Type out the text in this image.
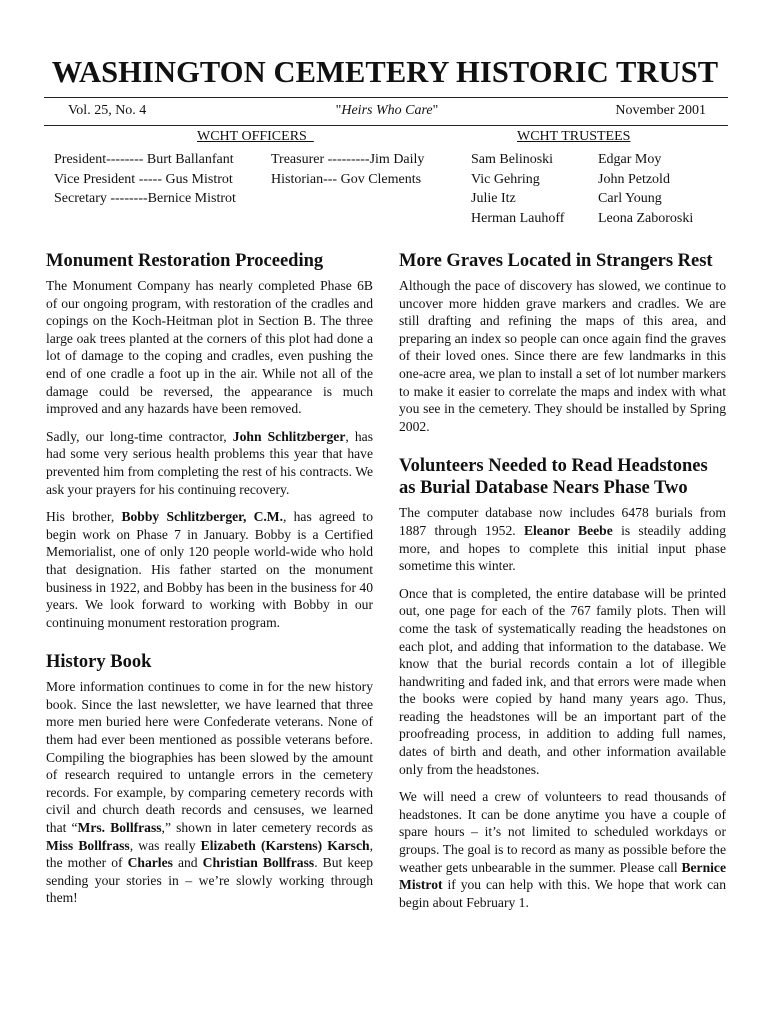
WASHINGTON CEMETERY HISTORIC TRUST
Vol. 25, No. 4	"Heirs Who Care"	November 2001
WCHT OFFICERS	WCHT TRUSTEES
President-------- Burt Ballanfant
Vice President ----- Gus Mistrot
Secretary --------Bernice Mistrot
Treasurer ---------Jim Daily
Historian--- Gov Clements
Sam Belinoski
Vic Gehring
Julie Itz
Herman Lauhoff
Edgar Moy
John Petzold
Carl Young
Leona Zaboroski
Monument Restoration Proceeding

The Monument Company has nearly completed Phase 6B of our ongoing program, with restoration of the cradles and copings on the Koch-Heitman plot in Section B. The three large oak trees planted at the corners of this plot had done a lot of damage to the coping and cradles, even pushing the end of one cradle a foot up in the air. While not all of the damage could be reversed, the appearance is much improved and any hazards have been removed.

Sadly, our long-time contractor, John Schlitzberger, has had some very serious health problems this year that have prevented him from completing the rest of his contracts. We ask your prayers for his continuing recovery.

His brother, Bobby Schlitzberger, C.M., has agreed to begin work on Phase 7 in January. Bobby is a Certified Memorialist, one of only 120 people world-wide who hold that designation. His father started on the monument business in 1922, and Bobby has been in the business for 40 years. We look forward to working with Bobby in our continuing monument restoration program.

History Book

More information continues to come in for the new history book. Since the last newsletter, we have learned that three more men buried here were Confederate veterans. None of them had ever been mentioned as possible veterans before. Compiling the biographies has been slowed by the amount of research required to untangle errors in the cemetery records. For example, by comparing cemetery records with civil and church death records and censuses, we learned that “Mrs. Bollfrass,” shown in later cemetery records as Miss Bollfrass, was really Elizabeth (Karstens) Karsch, the mother of Charles and Christian Bollfrass. But keep sending your stories in – we’re slowly working through them!

More Graves Located in Strangers Rest

Although the pace of discovery has slowed, we continue to uncover more hidden grave markers and cradles. We are still drafting and refining the maps of this area, and preparing an index so people can once again find the graves of their loved ones. Since there are few landmarks in this one-acre area, we plan to install a set of lot number markers to make it easier to correlate the maps and index with what you see in the cemetery. They should be installed by Spring 2002.

Volunteers Needed to Read Headstones as Burial Database Nears Phase Two

The computer database now includes 6478 burials from 1887 through 1952. Eleanor Beebe is steadily adding more, and hopes to complete this initial input phase sometime this winter.

Once that is completed, the entire database will be printed out, one page for each of the 767 family plots. Then will come the task of systematically reading the headstones on each plot, and adding that information to the database. We know that the burial records contain a lot of illegible handwriting and faded ink, and that errors were made when the books were copied by hand many years ago. Thus, reading the headstones will be an important part of the proofreading process, in addition to adding full names, dates of birth and death, and other information available only from the headstones.

We will need a crew of volunteers to read thousands of headstones. It can be done anytime you have a couple of spare hours – it’s not limited to scheduled workdays or groups. The goal is to record as many as possible before the weather gets unbearable in the summer. Please call Bernice Mistrot if you can help with this. We hope that work can begin about February 1.
